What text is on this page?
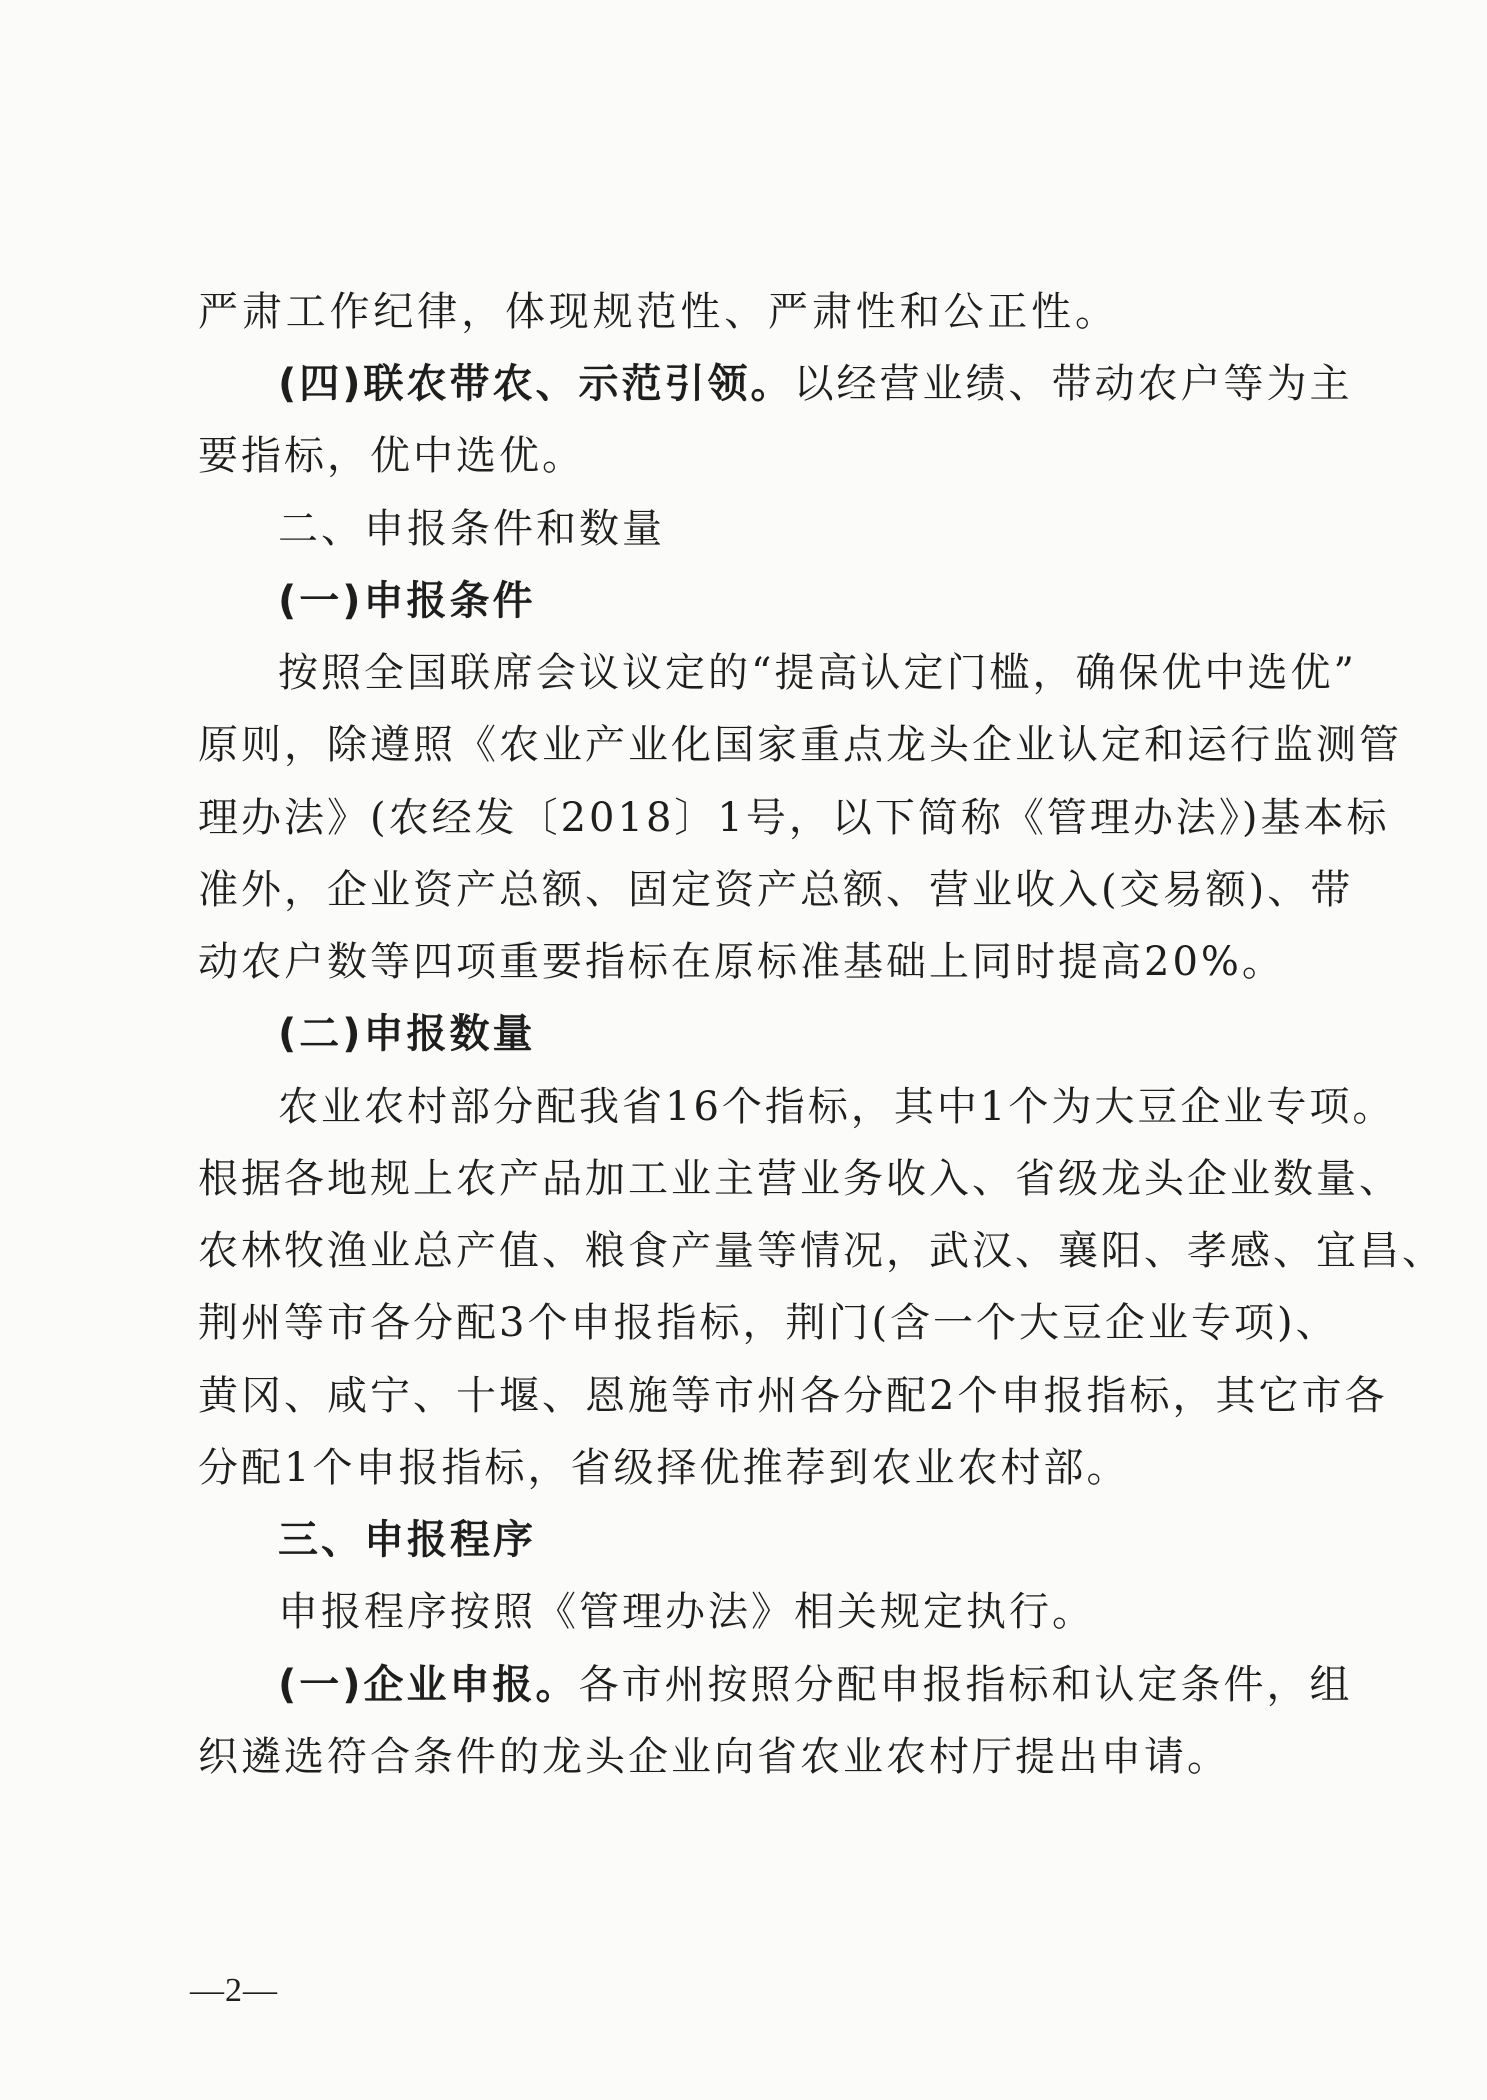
严肃工作纪律，体现规范性、严肃性和公正性。
(四)联农带农、示范引领。以经营业绩、带动农户等为主
要指标，优中选优。
二、申报条件和数量
(一)申报条件
按照全国联席会议议定的“提高认定门槛，确保优中选优”
原则，除遵照《农业产业化国家重点龙头企业认定和运行监测管
理办法》(农经发〔2018〕1号，以下简称《管理办法》)基本标
准外，企业资产总额、固定资产总额、营业收入(交易额)、带
动农户数等四项重要指标在原标准基础上同时提高20%。
(二)申报数量
农业农村部分配我省16个指标，其中1个为大豆企业专项。
根据各地规上农产品加工业主营业务收入、省级龙头企业数量、
农林牧渔业总产值、粮食产量等情况，武汉、襄阳、孝感、宜昌、
荆州等市各分配3个申报指标，荆门(含一个大豆企业专项)、
黄冈、咸宁、十堰、恩施等市州各分配2个申报指标，其它市各
分配1个申报指标，省级择优推荐到农业农村部。
三、申报程序
申报程序按照《管理办法》相关规定执行。
(一)企业申报。各市州按照分配申报指标和认定条件，组
织遴选符合条件的龙头企业向省农业农村厅提出申请。
—2—
